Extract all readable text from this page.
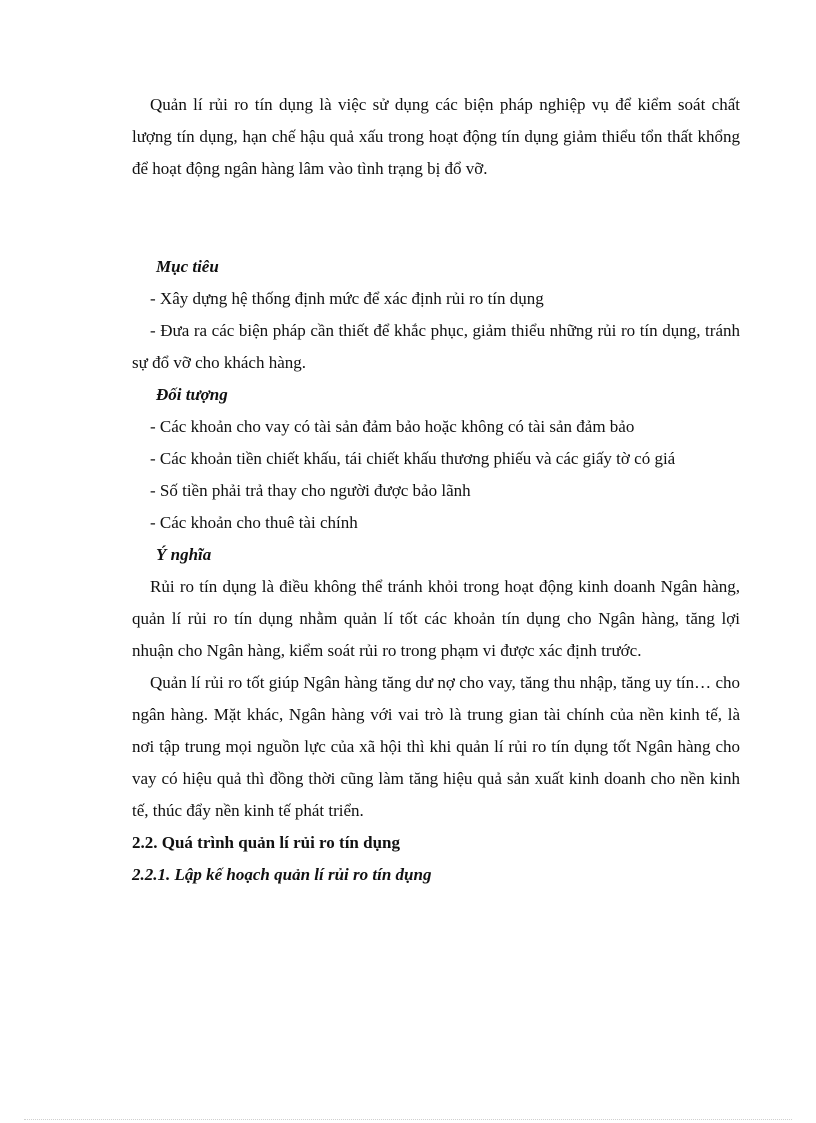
Quản lí rủi ro tín dụng là việc sử dụng các biện pháp nghiệp vụ để kiểm soát chất lượng tín dụng, hạn chế hậu quả xấu trong hoạt động tín dụng giảm thiểu tổn thất khổng để hoạt động ngân hàng lâm vào tình trạng bị đổ vỡ.

Mục tiêu

- Xây dựng hệ thống định mức để xác định rủi ro tín dụng

- Đưa ra các biện pháp cần thiết để khắc phục, giảm thiểu những rủi ro tín dụng, tránh sự đổ vỡ cho khách hàng.

Đối tượng

- Các khoản cho vay có tài sản đảm bảo hoặc không có tài sản đảm bảo

- Các khoản tiền chiết khấu, tái chiết khấu thương phiếu và các giấy tờ có giá

- Số tiền phải trả thay cho người được bảo lãnh

- Các khoản cho thuê tài chính

Ý nghĩa

Rủi ro tín dụng là điều không thể tránh khỏi trong hoạt động kinh doanh Ngân hàng, quản lí rủi ro tín dụng nhằm quản lí tốt các khoản tín dụng cho Ngân hàng, tăng lợi nhuận cho Ngân hàng, kiểm soát rủi ro trong phạm vi được xác định trước.

Quản lí rủi ro tốt giúp Ngân hàng tăng dư nợ cho vay, tăng thu nhập, tăng uy tín… cho ngân hàng. Mặt khác, Ngân hàng với vai trò là trung gian tài chính của nền kinh tế, là nơi tập trung mọi nguồn lực của xã hội thì khi quản lí rủi ro tín dụng tốt Ngân hàng cho vay có hiệu quả thì đồng thời cũng làm tăng hiệu quả sản xuất kinh doanh cho nền kinh tế, thúc đẩy nền kinh tế phát triển.

2.2. Quá trình quản lí rủi ro tín dụng

2.2.1. Lập kế hoạch quản lí rủi ro tín dụng
